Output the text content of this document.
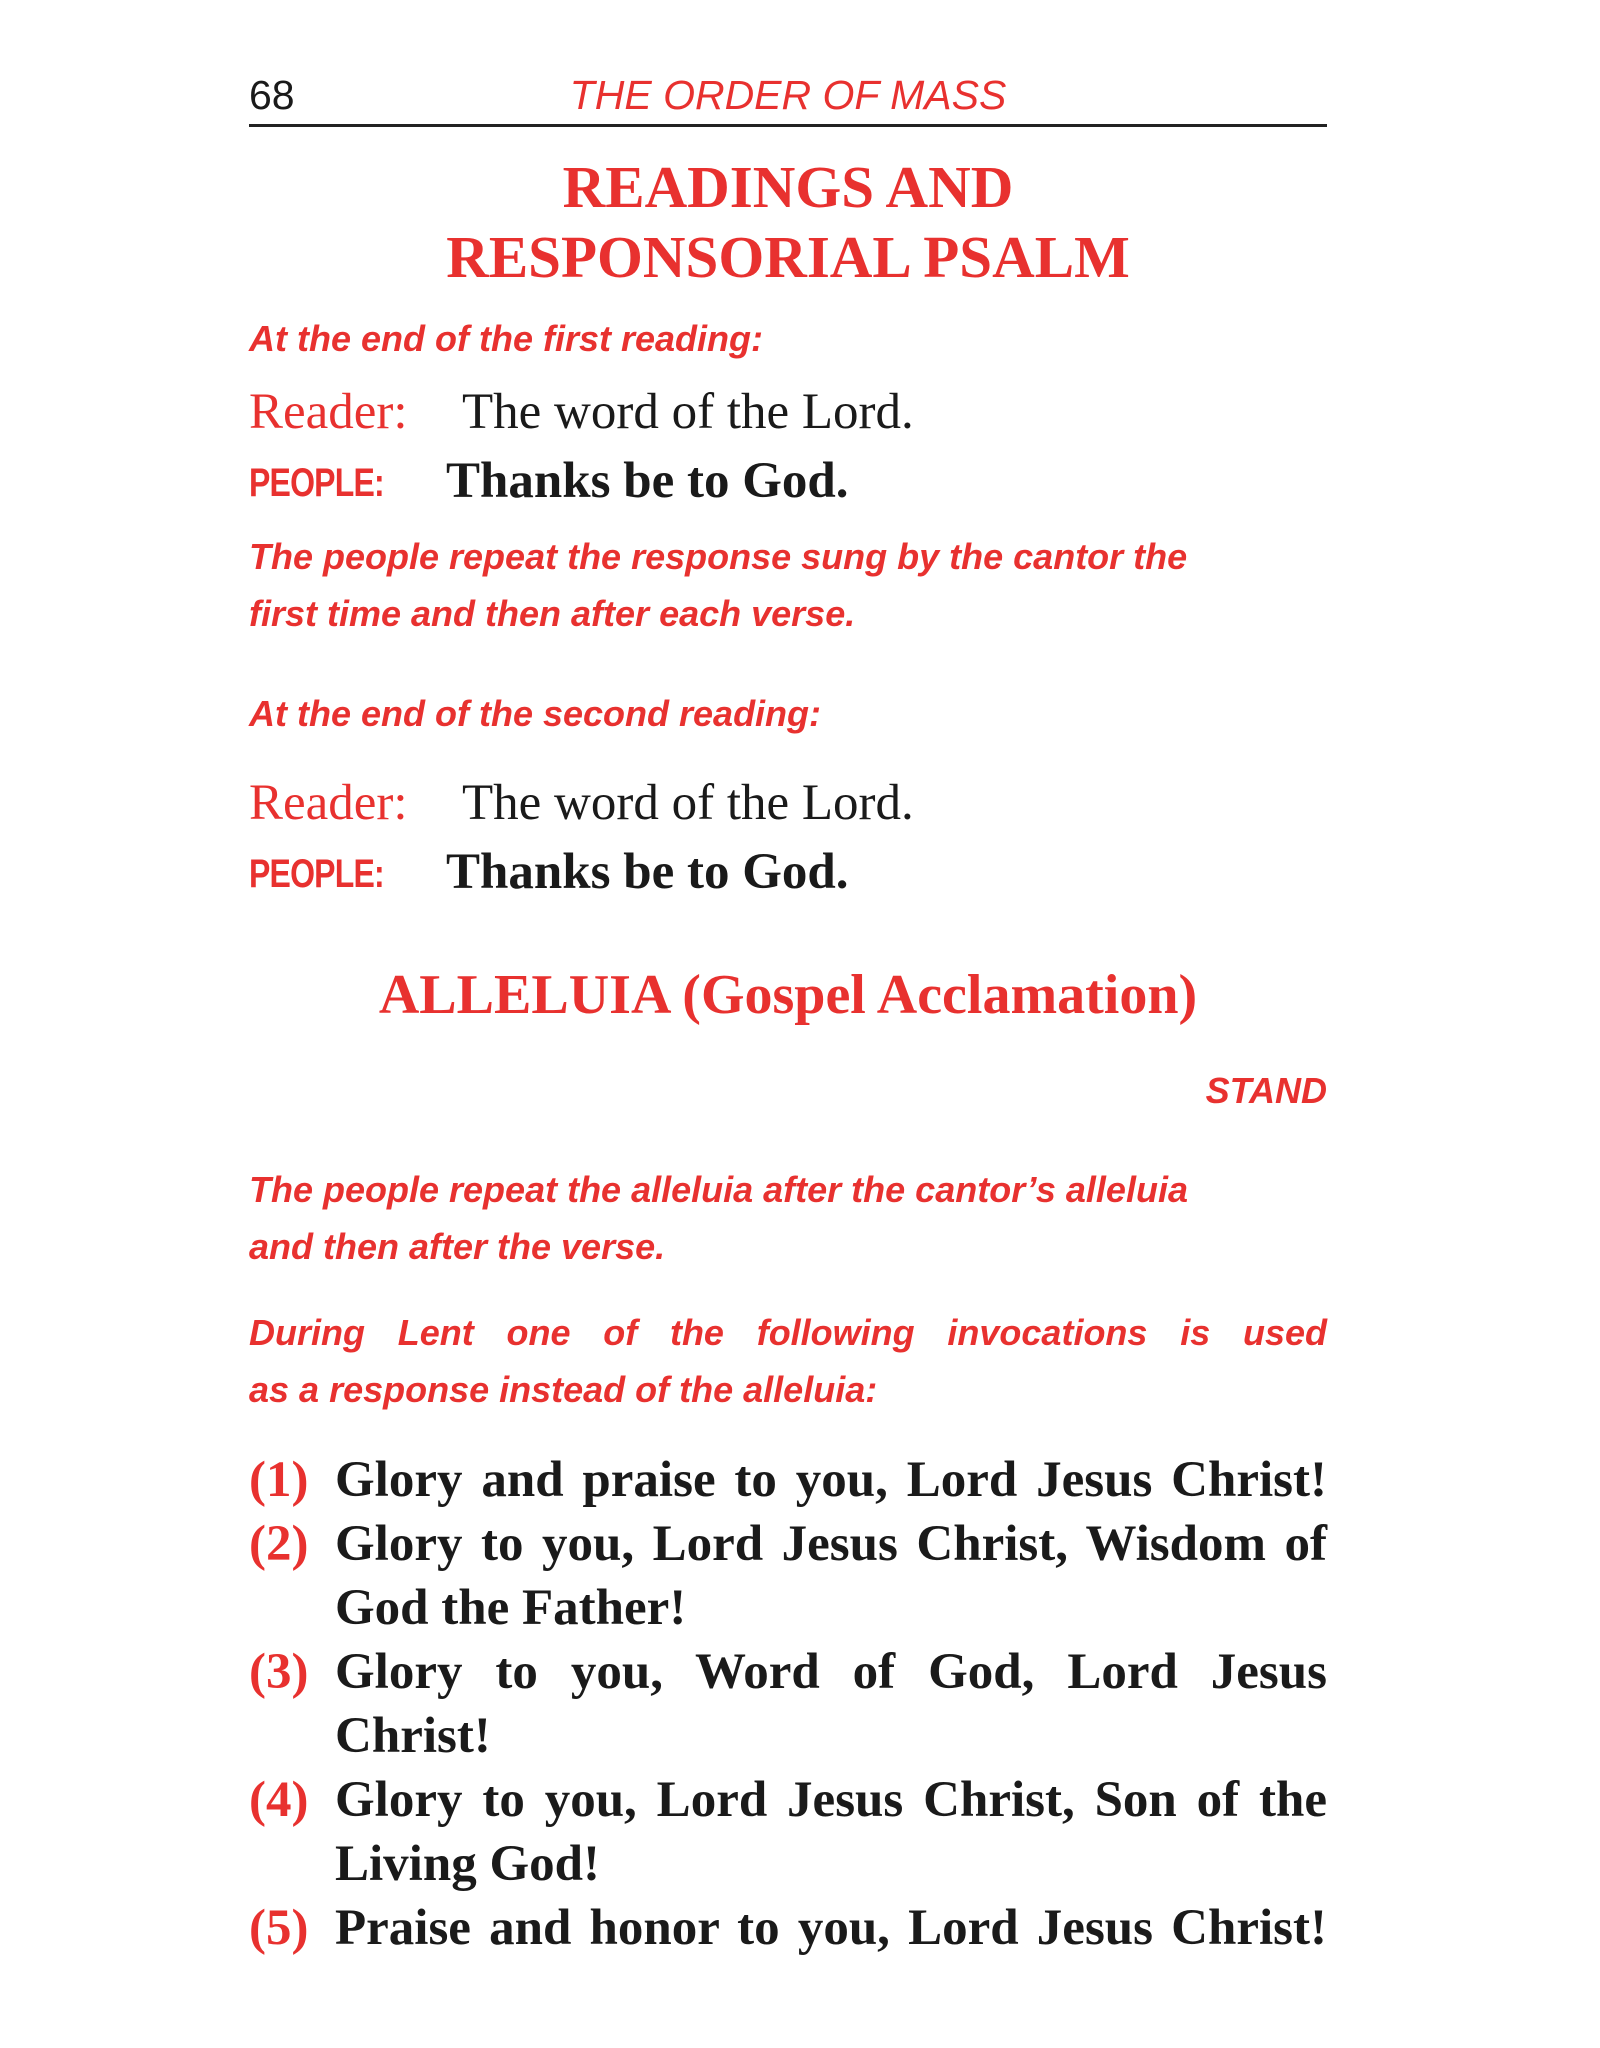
68	THE ORDER OF MASS
READINGS AND
RESPONSORIAL PSALM
At the end of the first reading:
Reader: The word of the Lord.
PEOPLE: Thanks be to God.
The people repeat the response sung by the cantor the
first time and then after each verse.
At the end of the second reading:
Reader: The word of the Lord.
PEOPLE: Thanks be to God.
ALLELUIA (Gospel Acclamation)
STAND
The people repeat the alleluia after the cantor’s alleluia
and then after the verse.
During Lent one of the following invocations is used
as a response instead of the alleluia:
(1) Glory and praise to you, Lord Jesus Christ!
(2) Glory to you, Lord Jesus Christ, Wisdom of God the Father!
(3) Glory to you, Word of God, Lord Jesus Christ!
(4) Glory to you, Lord Jesus Christ, Son of the Living God!
(5) Praise and honor to you, Lord Jesus Christ!
